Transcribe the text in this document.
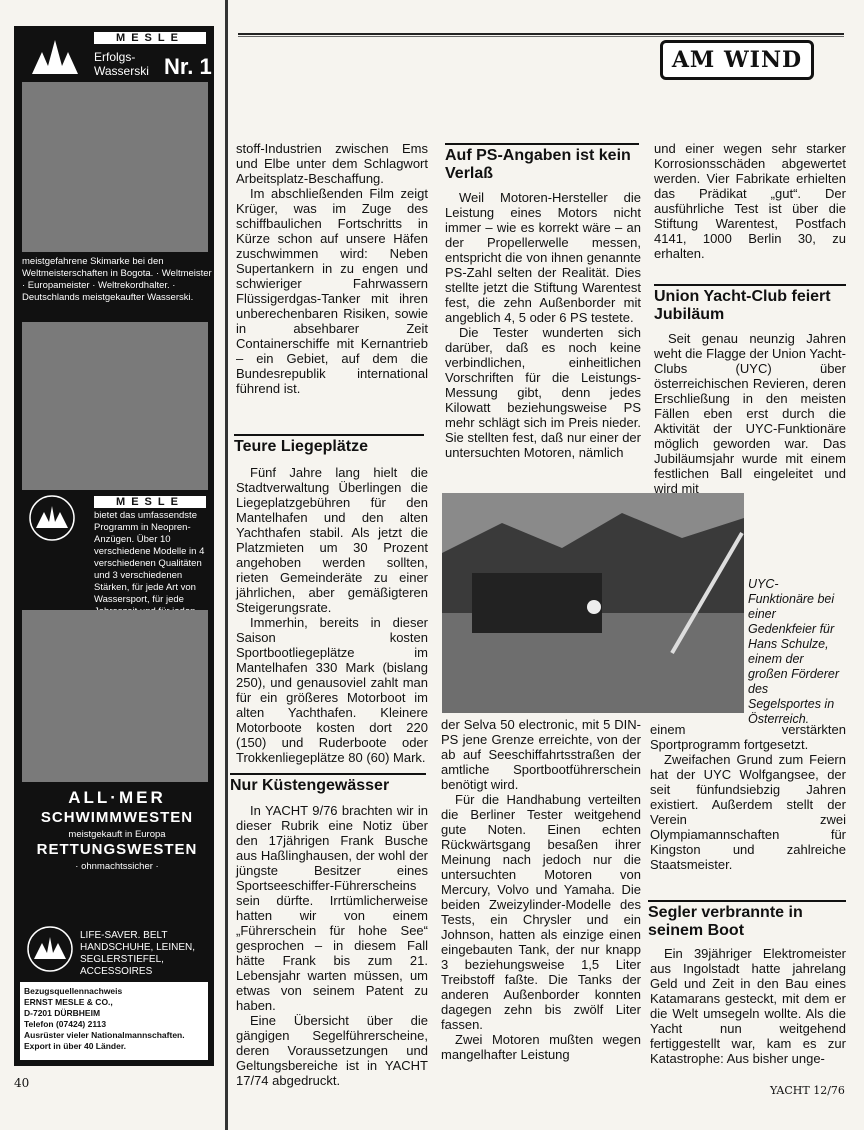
MESLE
Erfolgs-Wasserski Nr. 1
meistgefahrene Skimarke bei den Weltmeisterschaften in Bogota. · Weltmeister · Europameister · Weltrekordhalter. · Deutschlands meistgekaufter Wasserski.
MESLE
bietet das umfassendste Programm in Neopren-Anzügen. Über 10 verschiedene Modelle in 4 verschiedenen Qualitäten und 3 verschiedenen Stärken, für jede Art von Wassersport, für jede
ALL·MER
SCHWIMMWESTEN
meistgekauft in Europa
RETTUNGSWESTEN
· ohnmachtssicher ·
LIFE-SAVER. BELT HANDSCHUHE, LEINEN, SEGLERSTIEFEL, ACCESSOIRES
Bezugsquellennachweis
ERNST MESLE & CO.,
D-7201 DÜRBHEIM
Telefon (07424) 2113
Ausrüster vieler Nationalmannschaften. Export in über 40 Länder.
AM WIND

stoff-Industrien zwischen Ems und Elbe unter dem Schlagwort Arbeitsplatz-Beschaffung.

Im abschließenden Film zeigt Krüger, was im Zuge des schiffbaulichen Fortschritts in Kürze schon auf unsere Häfen zuschwimmen wird: Neben Supertankern in zu engen und schwieriger Fahrwassern Flüssigerdgas-Tanker mit ihren unberechenbaren Risiken, sowie in absehbarer Zeit Containerschiffe mit Kernantrieb – ein Gebiet, auf dem die Bundesrepublik international führend ist.

Teure Liegeplätze

Fünf Jahre lang hielt die Stadtverwaltung Überlingen die Liegeplatzgebühren für den Mantelhafen und den alten Yachthafen stabil. Als jetzt die Platzmieten um 30 Prozent angehoben werden sollten, rieten Gemeinderäte zu einer jährlichen, aber gemäßigteren Steigerungsrate.

Immerhin, bereits in dieser Saison kosten Sportbootliegeplätze im Mantelhafen 330 Mark (bislang 250), und genausoviel zahlt man für ein größeres Motorboot im alten Yachthafen. Kleinere Motorboote kosten dort 220 (150) und Ruderboote oder Trokkenliegeplätze 80 (60) Mark.

Nur Küstengewässer

In YACHT 9/76 brachten wir in dieser Rubrik eine Notiz über den 17jährigen Frank Busche aus Haßlinghausen, der wohl der jüngste Besitzer eines Sportseeschiffer-Führerscheins sein dürfte. Irrtümlicherweise hatten wir von einem „Führerschein für hohe See“ gesprochen – in diesem Fall hätte Frank bis zum 21. Lebensjahr warten müssen, um etwas von seinem Patent zu haben.

Eine Übersicht über die gängigen Segelführerscheine, deren Voraussetzungen und Geltungsbereiche ist in YACHT 17/74 abgedruckt.

Auf PS-Angaben ist kein Verlaß

Weil Motoren-Hersteller die Leistung eines Motors nicht immer – wie es korrekt wäre – an der Propellerwelle messen, entspricht die von ihnen genannte PS-Zahl selten der Realität. Dies stellte jetzt die Stiftung Warentest fest, die zehn Außenborder mit angeblich 4, 5 oder 6 PS testete.

Die Tester wunderten sich darüber, daß es noch keine verbindlichen, einheitlichen Vorschriften für die Leistungs-Messung gibt, denn jedes Kilowatt beziehungsweise PS mehr schlägt sich im Preis nieder. Sie stellten fest, daß nur einer der untersuchten Motoren, nämlich

UYC-Funktionäre bei einer Gedenkfeier für Hans Schulze, einem der großen Förderer des Segelsportes in Österreich.

der Selva 50 electronic, mit 5 DIN-PS jene Grenze erreichte, von der ab auf Seeschiffahrtsstraßen der amtliche Sportbootführerschein benötigt wird.

Für die Handhabung verteilten die Berliner Tester weitgehend gute Noten. Einen echten Rückwärtsgang besaßen ihrer Meinung nach jedoch nur die untersuchten Motoren von Mercury, Volvo und Yamaha. Die beiden Zweizylinder-Modelle des Tests, ein Chrysler und ein Johnson, hatten als einzige einen eingebauten Tank, der nur knapp 3 beziehungsweise 1,5 Liter Treibstoff faßte. Die Tanks der anderen Außenborder konnten dagegen zehn bis zwölf Liter fassen.

Zwei Motoren mußten wegen mangelhafter Leistung

und einer wegen sehr starker Korrosionsschäden abgewertet werden. Vier Fabrikate erhielten das Prädikat „gut“. Der ausführliche Test ist über die Stiftung Warentest, Postfach 4141, 1000 Berlin 30, zu erhalten.

Union Yacht-Club feiert Jubiläum

Seit genau neunzig Jahren weht die Flagge der Union Yacht-Clubs (UYC) über österreichischen Revieren, deren Erschließung in den meisten Fällen eben erst durch die Aktivität der UYC-Funktionäre möglich geworden war. Das Jubiläumsjahr wurde mit einem festlichen Ball eingeleitet und wird mit

einem verstärkten Sportprogramm fortgesetzt.

Zweifachen Grund zum Feiern hat der UYC Wolfgangsee, der seit fünfundsiebzig Jahren existiert. Außerdem stellt der Verein zwei Olympiamannschaften für Kingston und zahlreiche Staatsmeister.

Segler verbrannte in seinem Boot

Ein 39jähriger Elektromeister aus Ingolstadt hatte jahrelang Geld und Zeit in den Bau eines Katamarans gesteckt, mit dem er die Welt umsegeln wollte. Als die Yacht nun weitgehend fertiggestellt war, kam es zur Katastrophe: Aus bisher unge-

40
YACHT 12/76
